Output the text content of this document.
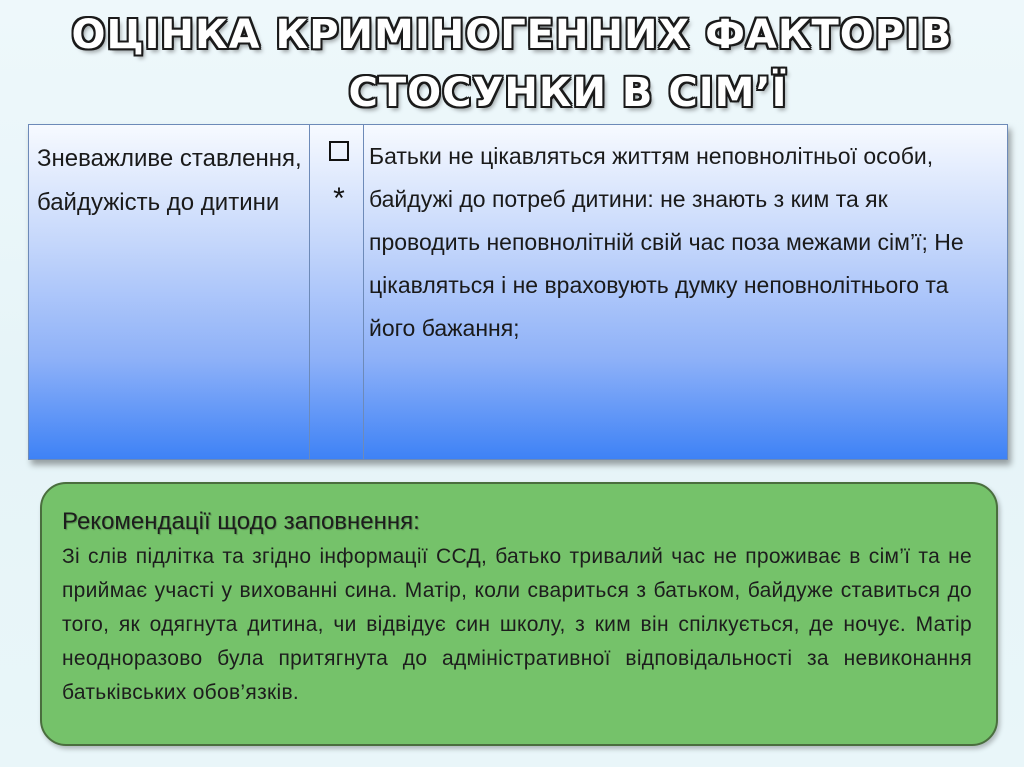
ОЦІНКА КРИМІНОГЕННИХ ФАКТОРІВ
СТОСУНКИ В СІМ’Ї
Зневажливе ставлення, байдужість до дитини	*
Батьки не цікавляться життям неповнолітньої особи, байдужі до потреб дитини: не знають з ким та як проводить неповнолітній свій час поза межами сім’ї; Не цікавляться і не враховують думку неповнолітнього та його бажання;
Рекомендації щодо заповнення:
Зі слів підлітка та згідно інформації ССД, батько тривалий час не проживає в сім’ї та не приймає участі у вихованні сина. Матір, коли свариться з батьком, байдуже ставиться до того, як одягнута дитина, чи відвідує син школу, з ким він спілкується, де ночує. Матір неодноразово була притягнута до адміністративної відповідальності за невиконання батьківських обов’язків.
